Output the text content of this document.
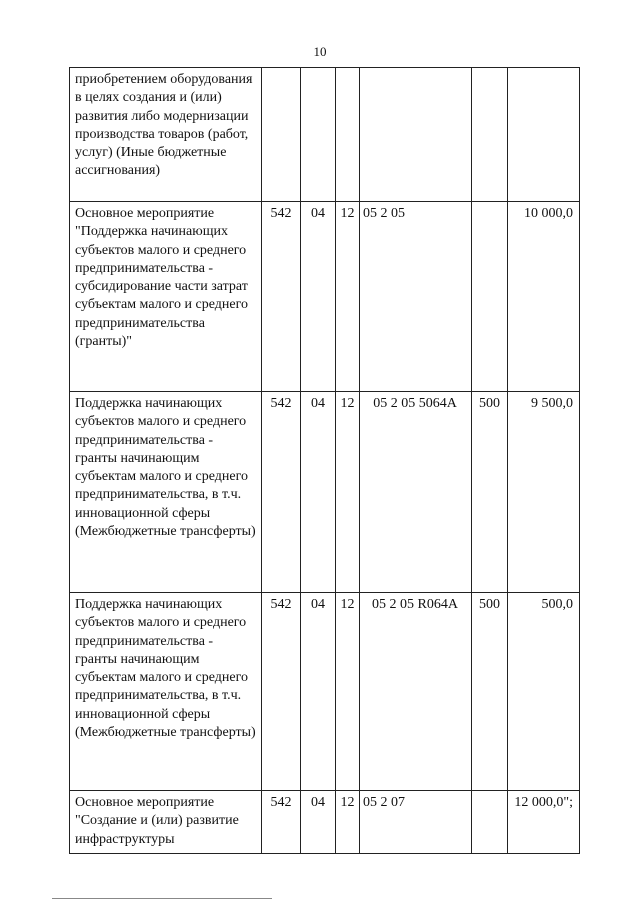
10
приобретением оборудования в целях создания и (или) развития либо модернизации производства товаров (работ, услуг) (Иные бюджетные ассигнования)						
Основное мероприятие "Поддержка начинающих субъектов малого и среднего предпринимательства - субсидирование части затрат субъектам малого и среднего предпринимательства (гранты)"	542	04	12	05 2 05		10 000,0
Поддержка начинающих субъектов малого и среднего предпринимательства - гранты начинающим субъектам малого и среднего предпринимательства, в т.ч. инновационной сферы (Межбюджетные трансферты)	542	04	12	05 2 05 5064A	500	9 500,0
Поддержка начинающих субъектов малого и среднего предпринимательства - гранты начинающим субъектам малого и среднего предпринимательства, в т.ч. инновационной сферы (Межбюджетные трансферты)	542	04	12	05 2 05 R064A	500	500,0
Основное мероприятие "Создание и (или) развитие инфраструктуры	542	04	12	05 2 07		12 000,0";
